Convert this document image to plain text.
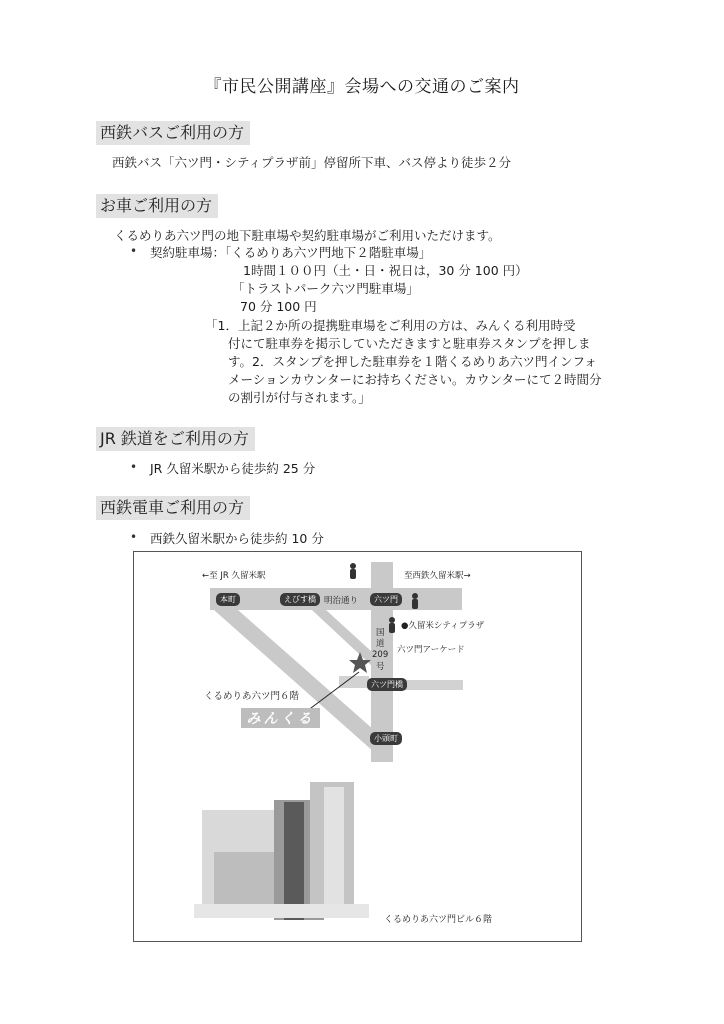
『市民公開講座』会場への交通のご案内
西鉄バスご利用の方
西鉄バス「六ツ門・シティプラザ前」停留所下車、バス停より徒歩２分
お車ご利用の方
くるめりあ六ツ門の地下駐車場や契約駐車場がご利用いただけます。
• 契約駐車場：「くるめりあ六ツ門地下２階駐車場」
1時間１００円（土・日・祝日は，30 分 100 円）
「トラストパーク六ツ門駐車場」
70 分 100 円
「1．上記２か所の提携駐車場をご利用の方は、みんくる利用時受
付にて駐車券を掲示していただきますと駐車券スタンプを押しま
す。2．スタンプを押した駐車券を１階くるめりあ六ツ門インフォ
メーションカウンターにお持ちください。カウンターにて２時間分
の割引が付与されます。」
JR 鉄道をご利用の方
• JR 久留米駅から徒歩約 25 分
西鉄電車ご利用の方
• 西鉄久留米駅から徒歩約 10 分
←至 JR 久留米駅	至西鉄久留米駅→
本町	えびす橋 明治通り	六ツ門
●久留米シティプラザ
国道
209
号
六ツ門アーケード
六ツ門橋
くるめりあ六ツ門６階
みんくる
小頭町
くるめりあ六ツ門ビル６階
